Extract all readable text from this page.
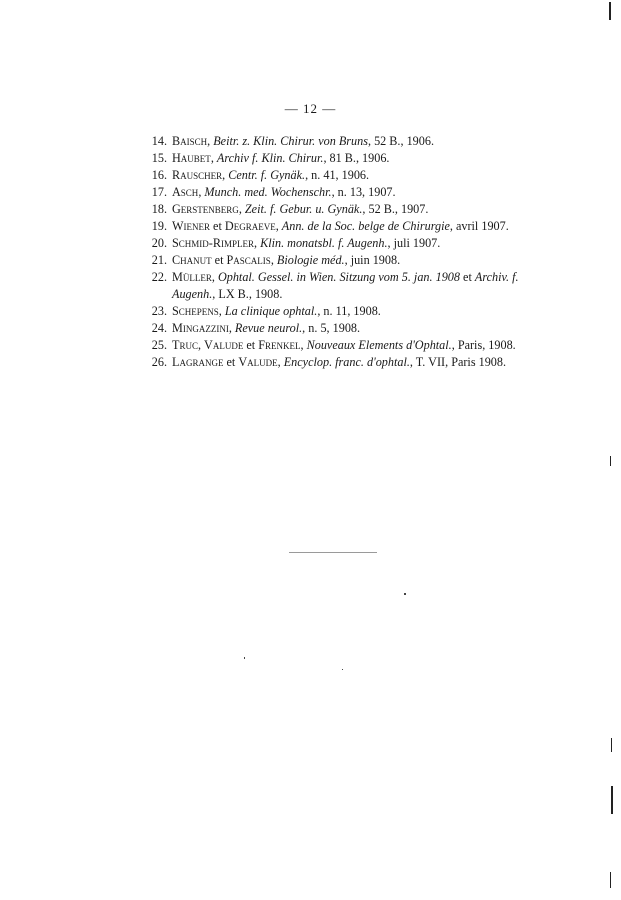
— 12 —
14. Baisch, Beitr. z. Klin. Chirur. von Bruns, 52 B., 1906.
15. Haubet, Archiv f. Klin. Chirur., 81 B., 1906.
16. Rauscher, Centr. f. Gynäk., n. 41, 1906.
17. Asch, Munch. med. Wochenschr., n. 13, 1907.
18. Gerstenberg, Zeit. f. Gebur. u. Gynäk., 52 B., 1907.
19. Wiener et Degraeve, Ann. de la Soc. belge de Chirurgie, avril 1907.
20. Schmid-Rimpler, Klin. monatsbl. f. Augenh., juli 1907.
21. Chanut et Pascalis, Biologie méd., juin 1908.
22. Müller, Ophtal. Gessel. in Wien. Sitzung vom 5. jan. 1908 et Archiv. f. Augenh., LX B., 1908.
23. Schepens, La clinique ophtal., n. 11, 1908.
24. Mingazzini, Revue neurol., n. 5, 1908.
25. Truc, Valude et Frenkel, Nouveaux Elements d'Ophtal., Paris, 1908.
26. Lagrange et Valude, Encyclop. franc. d'ophtal., T. VII, Paris 1908.
